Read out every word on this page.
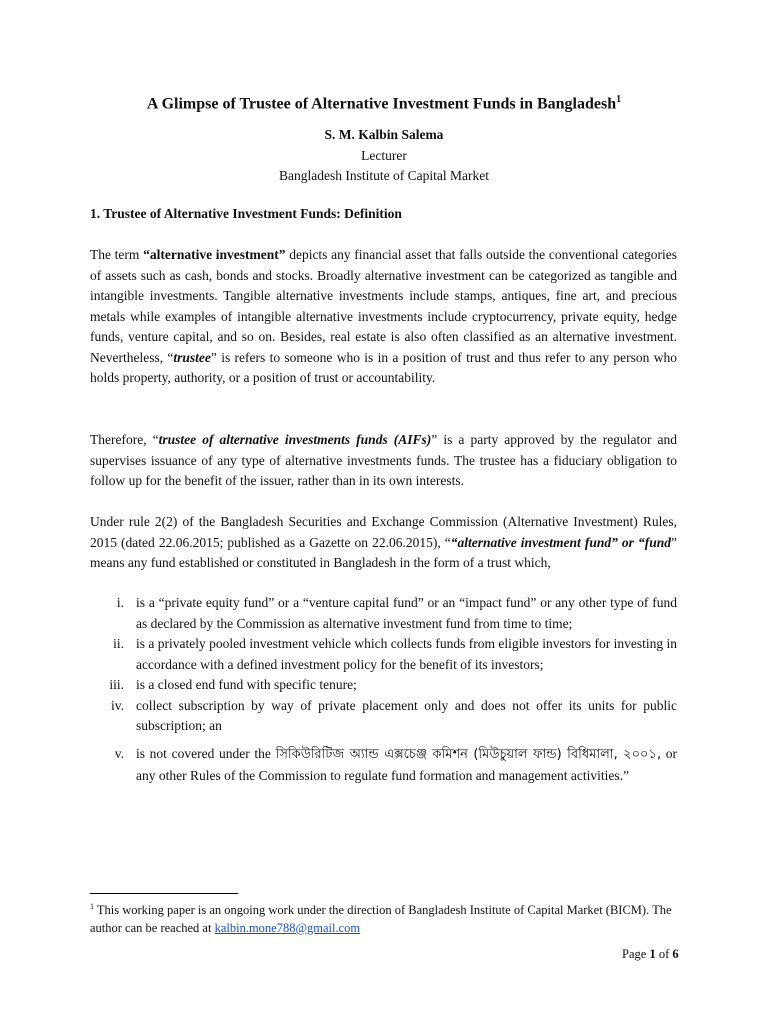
A Glimpse of Trustee of Alternative Investment Funds in Bangladesh$^1$
S. M. Kalbin Salema
Lecturer
Bangladesh Institute of Capital Market
1. Trustee of Alternative Investment Funds: Definition

The term “alternative investment” depicts any financial asset that falls outside the conventional categories of assets such as cash, bonds and stocks. Broadly alternative investment can be categorized as tangible and intangible investments. Tangible alternative investments include stamps, antiques, fine art, and precious metals while examples of intangible alternative investments include cryptocurrency, private equity, hedge funds, venture capital, and so on. Besides, real estate is also often classified as an alternative investment. Nevertheless, “trustee” is refers to someone who is in a position of trust and thus refer to any person who holds property, authority, or a position of trust or accountability.

Therefore, “trustee of alternative investments funds (AIFs)” is a party approved by the regulator and supervises issuance of any type of alternative investments funds. The trustee has a fiduciary obligation to follow up for the benefit of the issuer, rather than in its own interests.

Under rule 2(2) of the Bangladesh Securities and Exchange Commission (Alternative Investment) Rules, 2015 (dated 22.06.2015; published as a Gazette on 22.06.2015), ““alternative investment fund” or “fund” means any fund established or constituted in Bangladesh in the form of a trust which,

i. is a “private equity fund” or a “venture capital fund” or an “impact fund” or any other type of fund as declared by the Commission as alternative investment fund from time to time;
ii. is a privately pooled investment vehicle which collects funds from eligible investors for investing in accordance with a defined investment policy for the benefit of its investors;
iii. is a closed end fund with specific tenure;
iv. collect subscription by way of private placement only and does not offer its units for public subscription; an
v. is not covered under the সিকিউরিটিজ অ্যান্ড এক্সচেঞ্জ কমিশন (মিউচুয়াল ফান্ড) বিধিমালা, ২০০১, or any other Rules of the Commission to regulate fund formation and management activities.”
$^1$ This working paper is an ongoing work under the direction of Bangladesh Institute of Capital Market (BICM). The author can be reached at kalbin.mone788@gmail.com
Page 1 of 6
